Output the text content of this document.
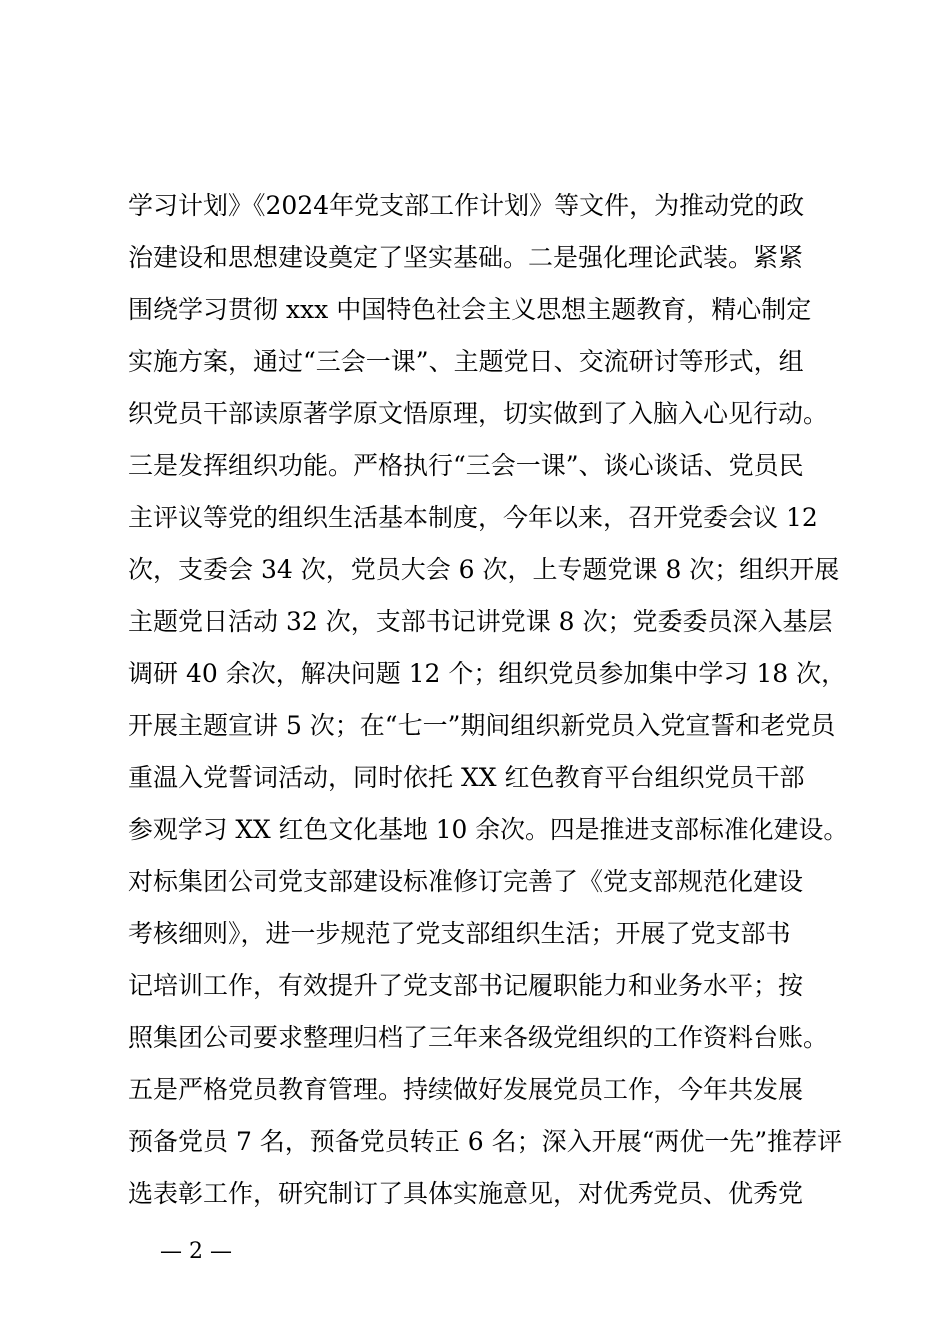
学习计划》《2024年党支部工作计划》等文件，为推动党的政
治建设和思想建设奠定了坚实基础。二是强化理论武装。紧紧
围绕学习贯彻 xxx 中国特色社会主义思想主题教育，精心制定
实施方案，通过“三会一课”、主题党日、交流研讨等形式，组
织党员干部读原著学原文悟原理，切实做到了入脑入心见行动。
三是发挥组织功能。严格执行“三会一课”、谈心谈话、党员民
主评议等党的组织生活基本制度，今年以来，召开党委会议 12
次，支委会 34 次，党员大会 6 次，上专题党课 8 次；组织开展
主题党日活动 32 次，支部书记讲党课 8 次；党委委员深入基层
调研 40 余次，解决问题 12 个；组织党员参加集中学习 18 次，
开展主题宣讲 5 次；在“七一”期间组织新党员入党宣誓和老党员
重温入党誓词活动，同时依托 XX 红色教育平台组织党员干部
参观学习 XX 红色文化基地 10 余次。四是推进支部标准化建设。
对标集团公司党支部建设标准修订完善了《党支部规范化建设
考核细则》，进一步规范了党支部组织生活；开展了党支部书
记培训工作，有效提升了党支部书记履职能力和业务水平；按
照集团公司要求整理归档了三年来各级党组织的工作资料台账。
五是严格党员教育管理。持续做好发展党员工作，今年共发展
预备党员 7 名，预备党员转正 6 名；深入开展“两优一先”推荐评
选表彰工作，研究制订了具体实施意见，对优秀党员、优秀党
— 2 —
